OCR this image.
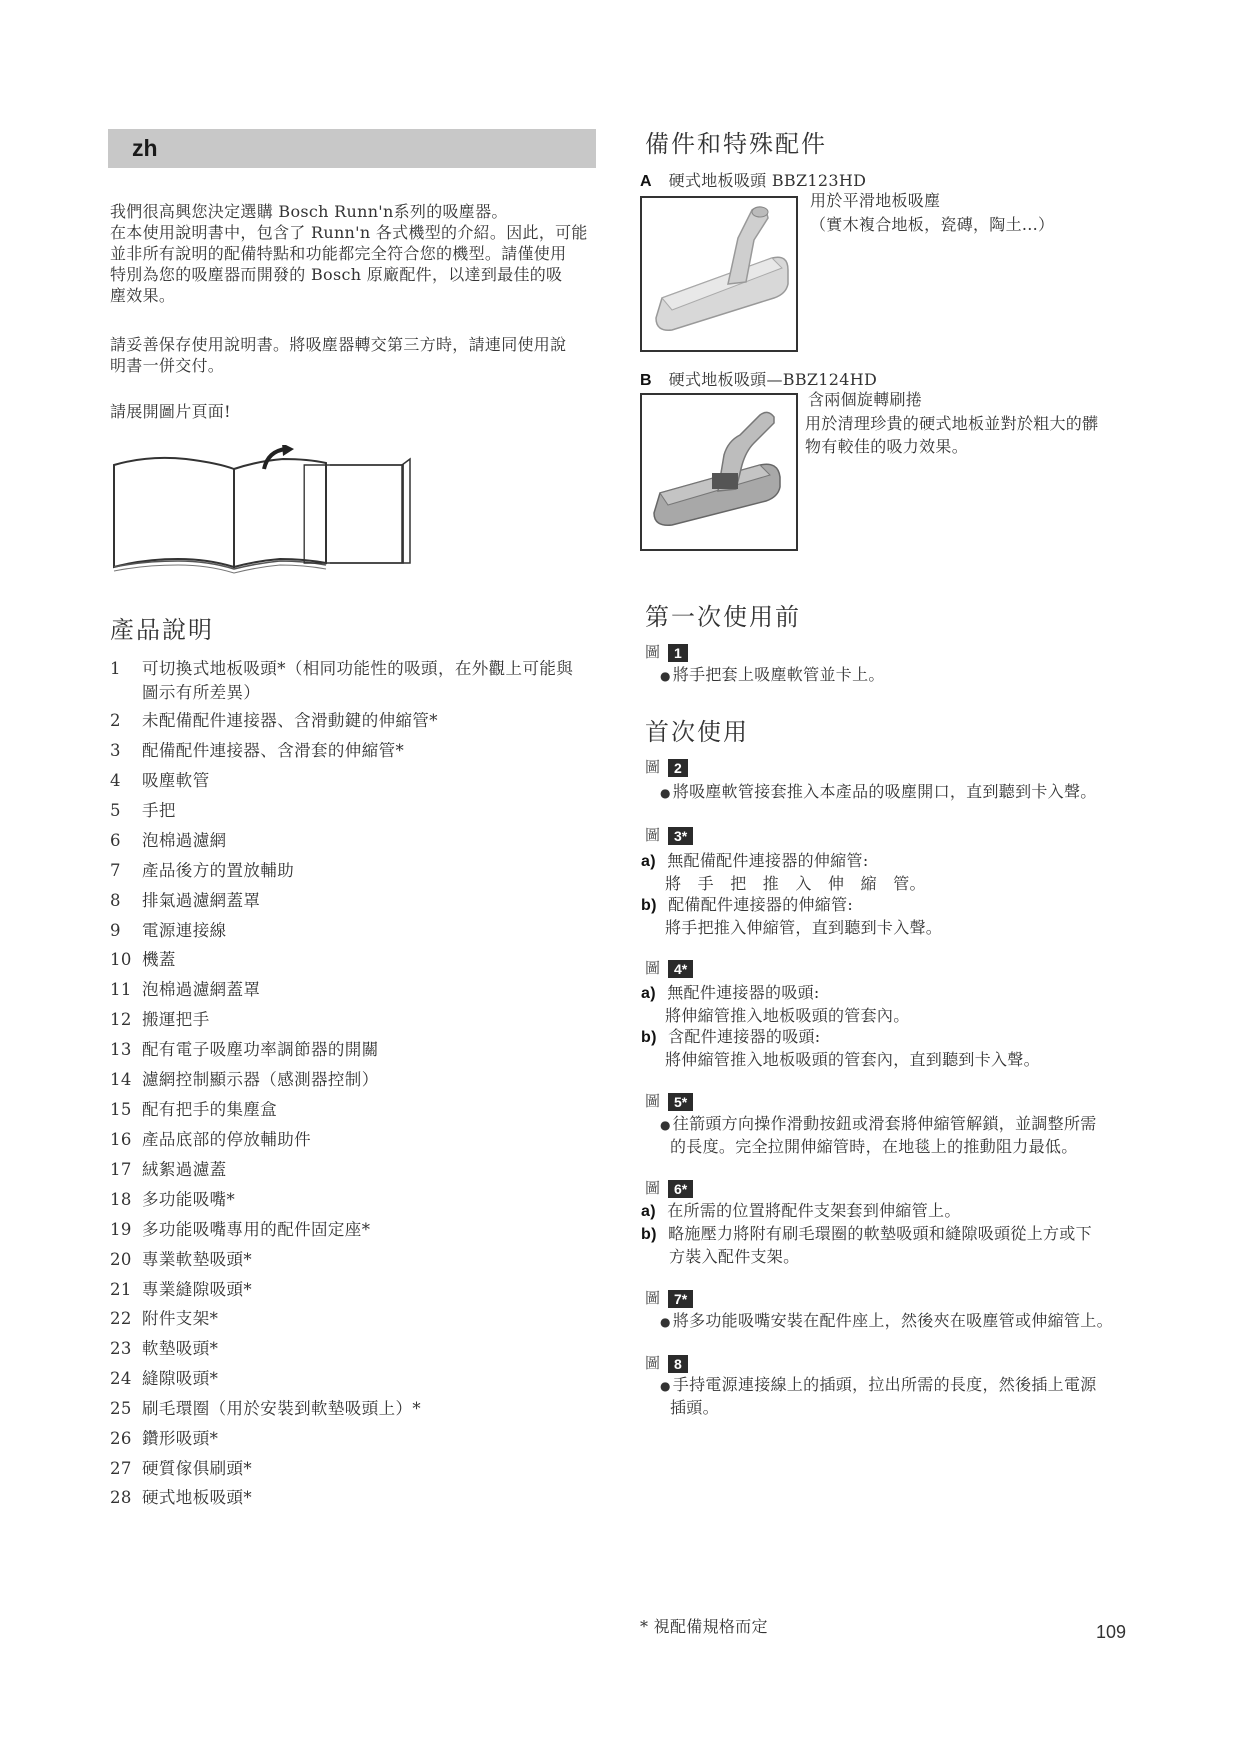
zh
我們很高興您決定選購 Bosch Runn'n系列的吸塵器。
在本使用說明書中，包含了 Runn'n 各式機型的介紹。因此，可能
並非所有說明的配備特點和功能都完全符合您的機型。請僅使用
特別為您的吸塵器而開發的 Bosch 原廠配件，以達到最佳的吸
塵效果。
請妥善保存使用說明書。將吸塵器轉交第三方時，請連同使用說
明書一併交付。
請展開圖片頁面!
產品說明
1 可切換式地板吸頭*（相同功能性的吸頭，在外觀上可能與
圖示有所差異）
2 未配備配件連接器、含滑動鍵的伸縮管*
3 配備配件連接器、含滑套的伸縮管*
4 吸塵軟管
5 手把
6 泡棉過濾網
7 產品後方的置放輔助
8 排氣過濾網蓋罩
9 電源連接線
10 機蓋
11 泡棉過濾網蓋罩
12 搬運把手
13 配有電子吸塵功率調節器的開關
14 濾網控制顯示器（感測器控制）
15 配有把手的集塵盒
16 產品底部的停放輔助件
17 絨絮過濾蓋
18 多功能吸嘴*
19 多功能吸嘴專用的配件固定座*
20 專業軟墊吸頭*
21 專業縫隙吸頭*
22 附件支架*
23 軟墊吸頭*
24 縫隙吸頭*
25 刷毛環圈（用於安裝到軟墊吸頭上）*
26 鑽形吸頭*
27 硬質傢俱刷頭*
28 硬式地板吸頭*
備件和特殊配件
A 硬式地板吸頭 BBZ123HD
用於平滑地板吸塵
（實木複合地板，瓷磚，陶土...）
B 硬式地板吸頭—BBZ124HD
含兩個旋轉刷捲
用於清理珍貴的硬式地板並對於粗大的髒
物有較佳的吸力效果。
第一次使用前
圖 1
● 將手把套上吸塵軟管並卡上。
首次使用
圖 2
● 將吸塵軟管接套推入本產品的吸塵開口，直到聽到卡入聲。
圖 3*
a) 無配備配件連接器的伸縮管:
將　手　把　推　入　伸　縮　管。
b) 配備配件連接器的伸縮管:
將手把推入伸縮管，直到聽到卡入聲。
圖 4*
a) 無配件連接器的吸頭:
將伸縮管推入地板吸頭的管套內。
b) 含配件連接器的吸頭:
將伸縮管推入地板吸頭的管套內，直到聽到卡入聲。
圖 5*
● 往箭頭方向操作滑動按鈕或滑套將伸縮管解鎖，並調整所需
的長度。完全拉開伸縮管時，在地毯上的推動阻力最低。
圖 6*
a) 在所需的位置將配件支架套到伸縮管上。
b) 略施壓力將附有刷毛環圈的軟墊吸頭和縫隙吸頭從上方或下
方裝入配件支架。
圖 7*
● 將多功能吸嘴安裝在配件座上，然後夾在吸塵管或伸縮管上。
圖 8
● 手持電源連接線上的插頭，拉出所需的長度，然後插上電源
插頭。
* 視配備規格而定	109
